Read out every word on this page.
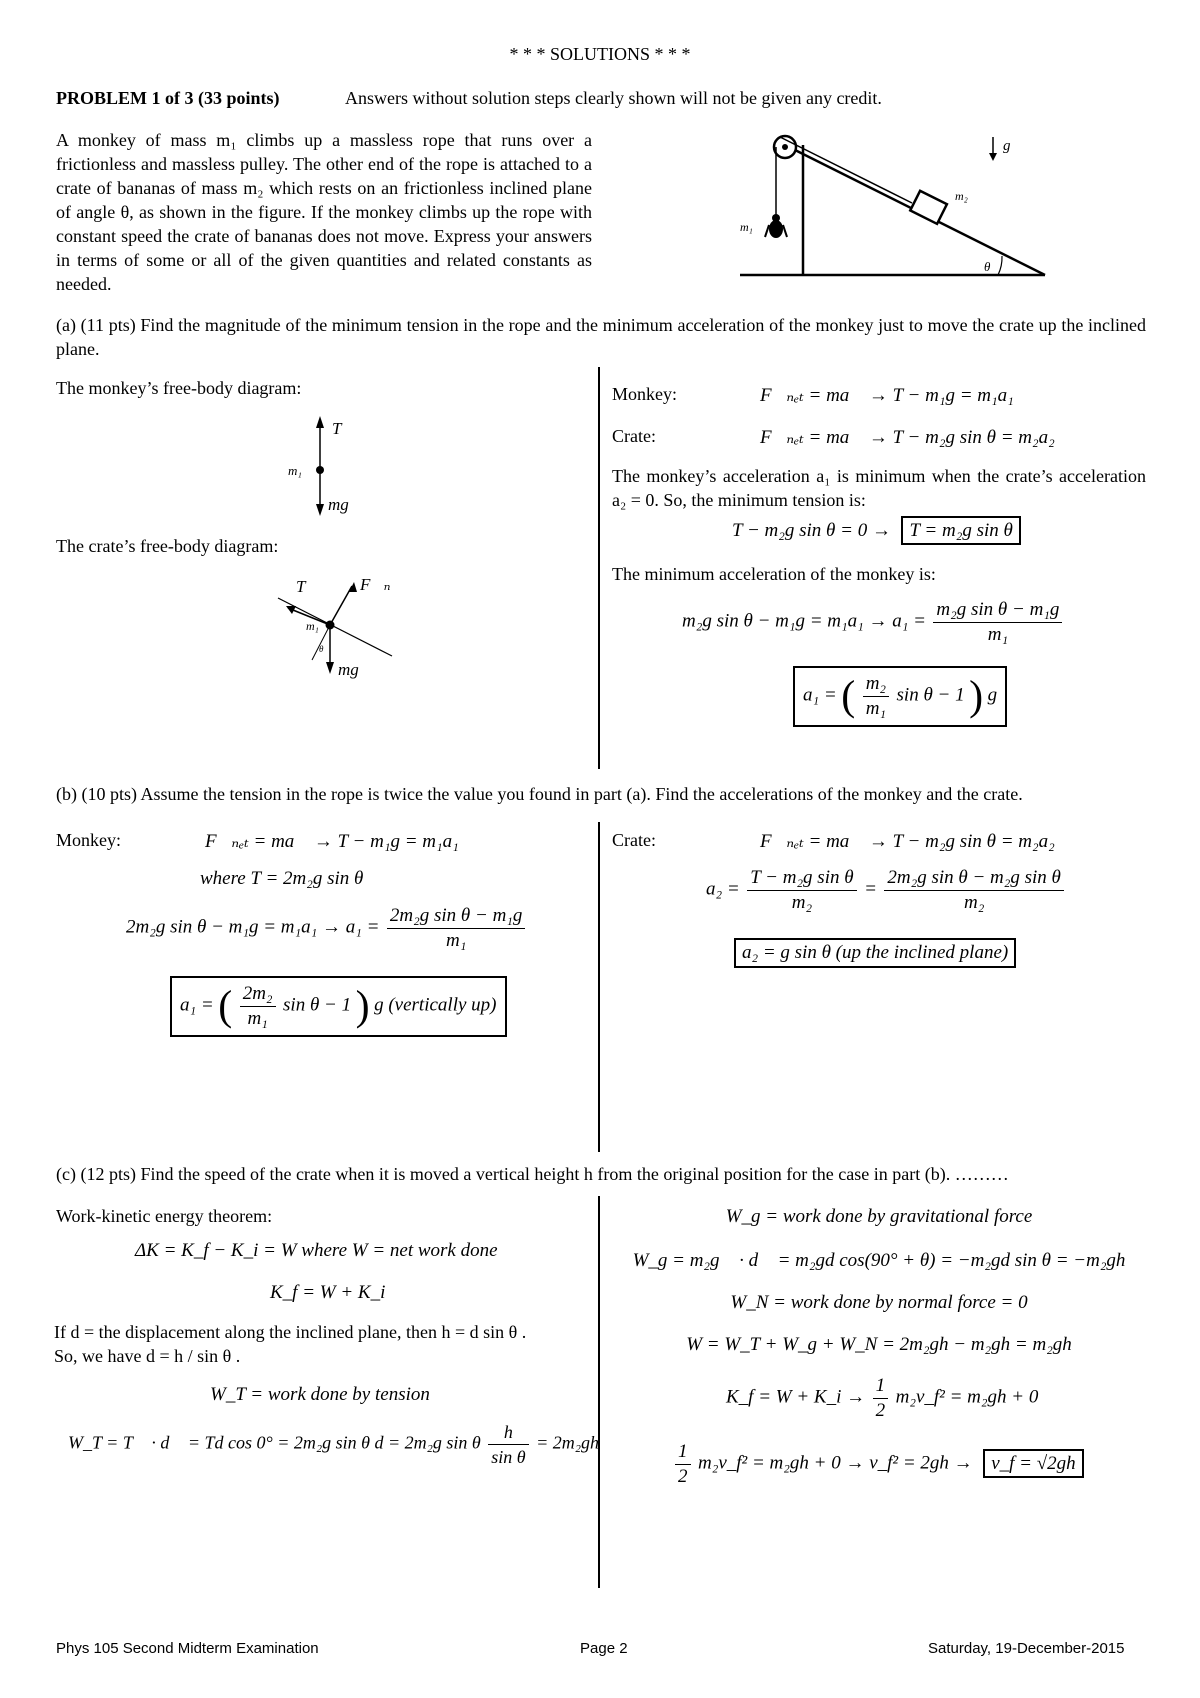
* * * SOLUTIONS * * *
PROBLEM 1 of 3 (33 points)	Answers without solution steps clearly shown will not be given any credit.
A monkey of mass m₁ climbs up a massless rope that runs over a frictionless and massless pulley. The other end of the rope is attached to a crate of bananas of mass m₂ which rests on an frictionless inclined plane of angle θ, as shown in the figure. If the monkey climbs up the rope with constant speed the crate of bananas does not move. Express your answers in terms of some or all of the given quantities and related constants as needed.
m₁
m₂
θ
g⃗
(a) (11 pts) Find the magnitude of the minimum tension in the rope and the minimum acceleration of the monkey just to move the crate up the inclined plane.
The monkey’s free-body diagram:
T⃗
m₁
mg⃗
The crate’s free-body diagram:
T⃗ F⃗ₙ
m₁
θ
mg⃗
Monkey:	F⃗ₙₑₜ = ma⃗ → T − m₁g = m₁a₁
Crate:	F⃗ₙₑₜ = ma⃗ → T − m₂g sin θ = m₂a₂
The monkey’s acceleration a₁ is minimum when the crate’s acceleration a₂ = 0. So, the minimum tension is:
T − m₂g sin θ = 0 → T = m₂g sin θ
The minimum acceleration of the monkey is:
m₂g $\sin \theta - m_1g = m_1a_1 \to a_1 = \frac{\text{m₂g sin θ − m₁g}}{\text{m₁}}$
a₁ = ( $\frac{\text{m₂}}{\text{m₁}}$ sin θ − 1 ) g
(b) (10 pts) Assume the tension in the rope is twice the value you found in part (a). Find the accelerations of the monkey and the crate.
Monkey:	F⃗ₙₑₜ = ma⃗ → T − m₁g = m₁a₁
where T = 2m₂g sin θ
2m₂g $\sin \theta - m_1g = m_1a_1 \to a_1 = \frac{\text{2m₂g sin θ − m₁g}}{\text{m₁}}$
a₁ = ( $\frac{\text{2m₂}}{\text{m₁}}$ sin θ − 1 ) g (vertically up)
Crate:	F⃗ₙₑₜ = ma⃗ → T − m₂g sin θ = m₂a₂
$a_2 = \frac{\text{T − m₂g sin θ}}{\text{m₂}} = \frac{\text{2m₂g sin θ − m₂g sin θ}}{\text{m₂}}$
a₂ = g sin θ (up the inclined plane)
(c) (12 pts) Find the speed of the crate when it is moved a vertical height h from the original position for the case in part (b). ………
Work-kinetic energy theorem:
ΔK = K_f − K_i = W where W = net work done
K_f = W + K_i
If d = the displacement along the inclined plane, then h = d sin θ .
So, we have d = h / sin θ .
W_T = work done by tension
W_T = T⃗ · d⃗ = Td cos 0° = 2m₂g sin θ d = 2m₂g sin θ $\frac{h}{\text{sin θ}} = 2m_2gh$
W_g = work done by gravitational force
W_g = m₂g⃗ · d⃗ = m₂gd cos(90° + θ) = −m₂gd sin θ = −m₂gh
W_N = work done by normal force = 0
W = W_T + W_g + W_N = 2m₂gh − m₂gh = m₂gh
K_f = W + K_i → $\frac{1}{2}$ m₂v_f² = m₂gh + 0
$\frac{1}{2}$ m₂v_f² = m₂gh + 0 → v_f² = 2gh → v_f = √2gh
Phys 105 Second Midterm Examination	Page 2	Saturday, 19-December-2015
